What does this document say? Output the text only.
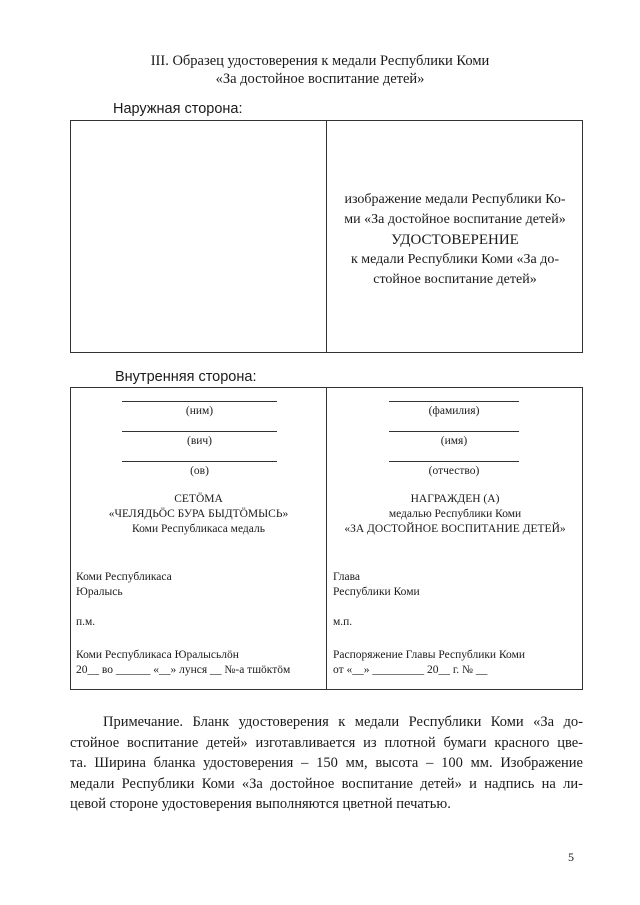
III. Образец удостоверения к медали Республики Коми
«За достойное воспитание детей»
Наружная сторона:
изображение медали Республики Ко-
ми «За достойное воспитание детей»
УДОСТОВЕРЕНИЕ
к медали Республики Коми «За до-
стойное воспитание детей»
Внутренняя сторона:
(ним)
(вич)
(ов)
(фамилия)
(имя)
(отчество)
СЕТÖМА
«ЧЕЛЯДЬÖС БУРА БЫДТÖМЫСЬ»
Коми Республикаса медаль
НАГРАЖДЕН (А)
медалью Республики Коми
«ЗА ДОСТОЙНОЕ ВОСПИТАНИЕ ДЕТЕЙ»
Коми Республикаса
Юралысь
п.м.
Коми Республикаса Юралысьлöн
20__ во ______ «__» лунся __ №-а тшöктöм
Глава
Республики Коми
м.п.
Распоряжение Главы Республики Коми
от «__» _________ 20__ г. № __
Примечание. Бланк удостоверения к медали Республики Коми «За до-
стойное воспитание детей» изготавливается из плотной бумаги красного цве-
та. Ширина бланка удостоверения – 150 мм, высота – 100 мм. Изображение
медали Республики Коми «За достойное воспитание детей» и надпись на ли-
цевой стороне удостоверения выполняются цветной печатью.
5
